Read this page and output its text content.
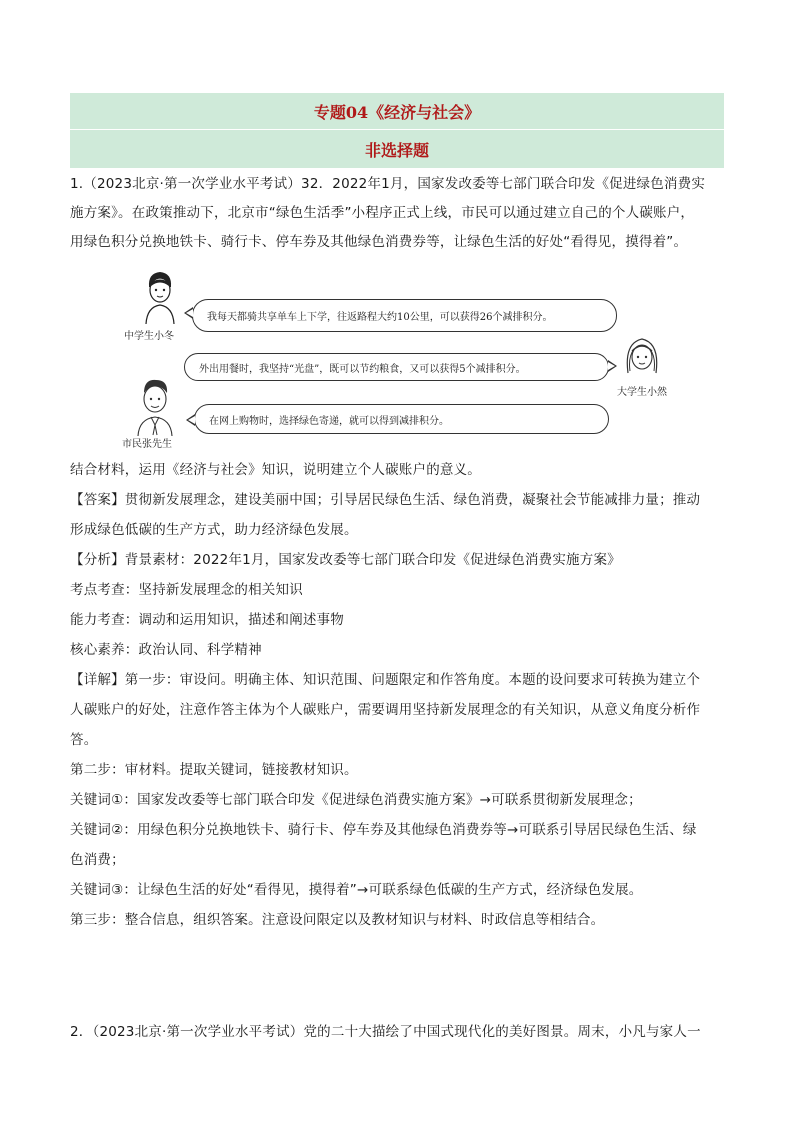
专题04《经济与社会》
非选择题
1.（2023北京·第一次学业水平考试）32．2022年1月，国家发改委等七部门联合印发《促进绿色消费实
施方案》。在政策推动下，北京市“绿色生活季”小程序正式上线，市民可以通过建立自己的个人碳账户，
用绿色积分兑换地铁卡、骑行卡、停车券及其他绿色消费券等，让绿色生活的好处“看得见，摸得着”。
中学生小冬
我每天都骑共享单车上下学，往返路程大约10公里，可以获得26个减排积分。
外出用餐时，我坚持“光盘”，既可以节约粮食，又可以获得5个减排积分。
大学生小然
在网上购物时，选择绿色寄递，就可以得到减排积分。
市民张先生
结合材料，运用《经济与社会》知识，说明建立个人碳账户的意义。
【答案】贯彻新发展理念，建设美丽中国；引导居民绿色生活、绿色消费，凝聚社会节能减排力量；推动
形成绿色低碳的生产方式，助力经济绿色发展。
【分析】背景素材：2022年1月，国家发改委等七部门联合印发《促进绿色消费实施方案》
考点考查：坚持新发展理念的相关知识
能力考查：调动和运用知识，描述和阐述事物
核心素养：政治认同、科学精神
【详解】第一步：审设问。明确主体、知识范围、问题限定和作答角度。本题的设问要求可转换为建立个
人碳账户的好处，注意作答主体为个人碳账户，需要调用坚持新发展理念的有关知识，从意义角度分析作
答。
第二步：审材料。提取关键词，链接教材知识。
关键词①：国家发改委等七部门联合印发《促进绿色消费实施方案》→可联系贯彻新发展理念；
关键词②：用绿色积分兑换地铁卡、骑行卡、停车券及其他绿色消费券等→可联系引导居民绿色生活、绿
色消费；
关键词③：让绿色生活的好处“看得见，摸得着”→可联系绿色低碳的生产方式，经济绿色发展。
第三步：整合信息，组织答案。注意设问限定以及教材知识与材料、时政信息等相结合。
2．（2023北京·第一次学业水平考试）党的二十大描绘了中国式现代化的美好图景。周末，小凡与家人一
